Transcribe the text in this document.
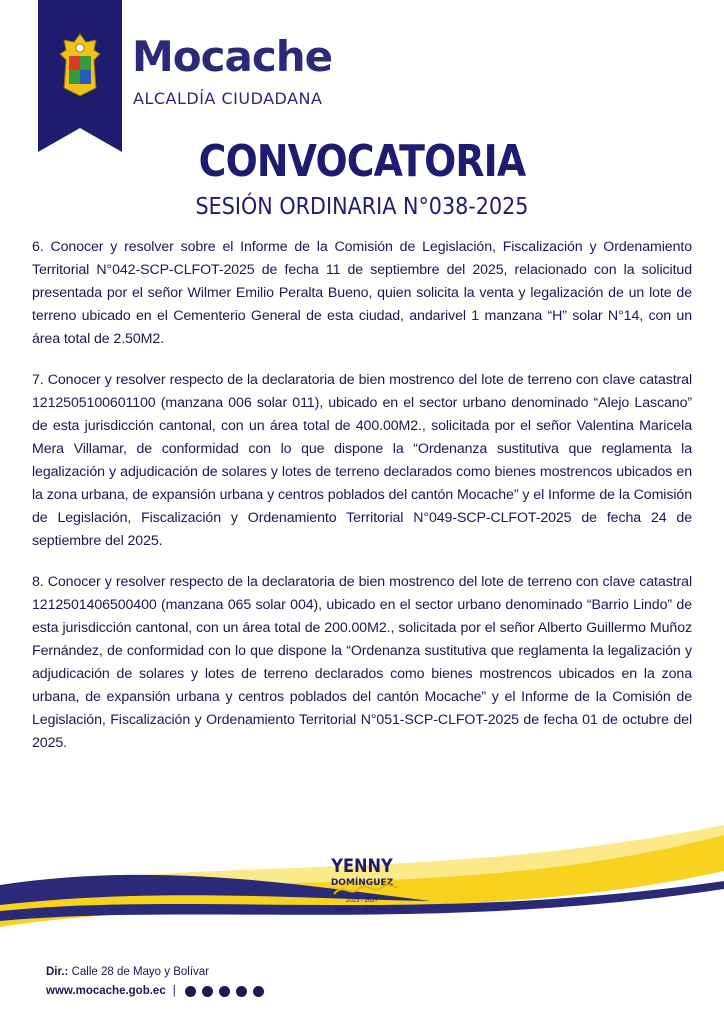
Mocache
ALCALDÍA CIUDADANA
CONVOCATORIA
SESIÓN ORDINARIA N°038-2025

6. Conocer y resolver sobre el Informe de la Comisión de Legislación, Fiscalización y Ordenamiento Territorial N°042-SCP-CLFOT-2025 de fecha 11 de septiembre del 2025, relacionado con la solicitud presentada por el señor Wilmer Emilio Peralta Bueno, quien solicita la venta y legalización de un lote de terreno ubicado en el Cementerio General de esta ciudad, andarivel 1 manzana “H” solar N°14, con un área total de 2.50M2.

7. Conocer y resolver respecto de la declaratoria de bien mostrenco del lote de terreno con clave catastral 1212505100601100 (manzana 006 solar 011), ubicado en el sector urbano denominado “Alejo Lascano” de esta jurisdicción cantonal, con un área total de 400.00M2., solicitada por el señor Valentina Maricela Mera Villamar, de conformidad con lo que dispone la “Ordenanza sustitutiva que reglamenta la legalización y adjudicación de solares y lotes de terreno declarados como bienes mostrencos ubicados en la zona urbana, de expansión urbana y centros poblados del cantón Mocache” y el Informe de la Comisión de Legislación, Fiscalización y Ordenamiento Territorial N°049-SCP-CLFOT-2025 de fecha 24 de septiembre del 2025.

8. Conocer y resolver respecto de la declaratoria de bien mostrenco del lote de terreno con clave catastral 1212501406500400 (manzana 065 solar 004), ubicado en el sector urbano denominado “Barrio Lindo” de esta jurisdicción cantonal, con un área total de 200.00M2., solicitada por el señor Alberto Guillermo Muñoz Fernández, de conformidad con lo que dispone la “Ordenanza sustitutiva que reglamenta la legalización y adjudicación de solares y lotes de terreno declarados como bienes mostrencos ubicados en la zona urbana, de expansión urbana y centros poblados del cantón Mocache” y el Informe de la Comisión de Legislación, Fiscalización y Ordenamiento Territorial N°051-SCP-CLFOT-2025 de fecha 01 de octubre del 2025.

YENNY
DOMÍNGUEZ
2023 - 2027
¡Un gobierno que nos une!
Dir.: Calle 28 de Mayo y Bolívar
www.mocache.gob.ec |
